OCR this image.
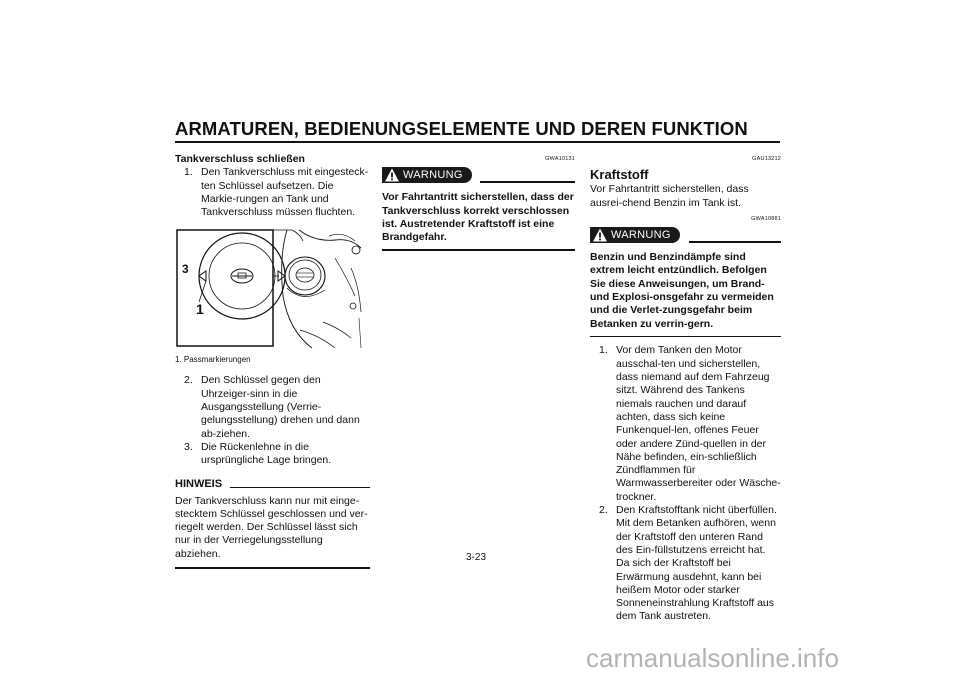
ARMATUREN, BEDIENUNGSELEMENTE UND DEREN FUNKTION
3

Tankverschluss schließen

1. Den Tankverschluss mit eingesteck-ten Schlüssel aufsetzen. Die Markie-rungen an Tank und Tankverschluss müssen fluchten.
1

1. Passmarkierungen

2. Den Schlüssel gegen den Uhrzeiger-sinn in die Ausgangsstellung (Verrie-gelungsstellung) drehen und dann ab-ziehen.
3. Die Rückenlehne in die ursprüngliche Lage bringen.
HINWEIS

Der Tankverschluss kann nur mit einge-stecktem Schlüssel geschlossen und ver-riegelt werden. Der Schlüssel lässt sich nur in der Verriegelungsstellung abziehen.

GWA10131
WARNUNG

Vor Fahrtantritt sicherstellen, dass der Tankverschluss korrekt verschlossen ist. Austretender Kraftstoff ist eine Brandgefahr.

GAU13212

Kraftstoff

Vor Fahrtantritt sicherstellen, dass ausrei-chend Benzin im Tank ist.

GWA10881
WARNUNG

Benzin und Benzindämpfe sind extrem leicht entzündlich. Befolgen Sie diese Anweisungen, um Brand- und Explosi-onsgefahr zu vermeiden und die Verlet-zungsgefahr beim Betanken zu verrin-gern.

1. Vor dem Tanken den Motor ausschal-ten und sicherstellen, dass niemand auf dem Fahrzeug sitzt. Während des Tankens niemals rauchen und darauf achten, dass sich keine Funkenquel-len, offenes Feuer oder andere Zünd-quellen in der Nähe befinden, ein-schließlich Zündflammen für Warmwasserbereiter oder Wäsche-trockner.
2. Den Kraftstofftank nicht überfüllen. Mit dem Betanken aufhören, wenn der Kraftstoff den unteren Rand des Ein-füllstutzens erreicht hat. Da sich der Kraftstoff bei Erwärmung ausdehnt, kann bei heißem Motor oder starker Sonneneinstrahlung Kraftstoff aus dem Tank austreten.
3-23
carmanualsonline.info
